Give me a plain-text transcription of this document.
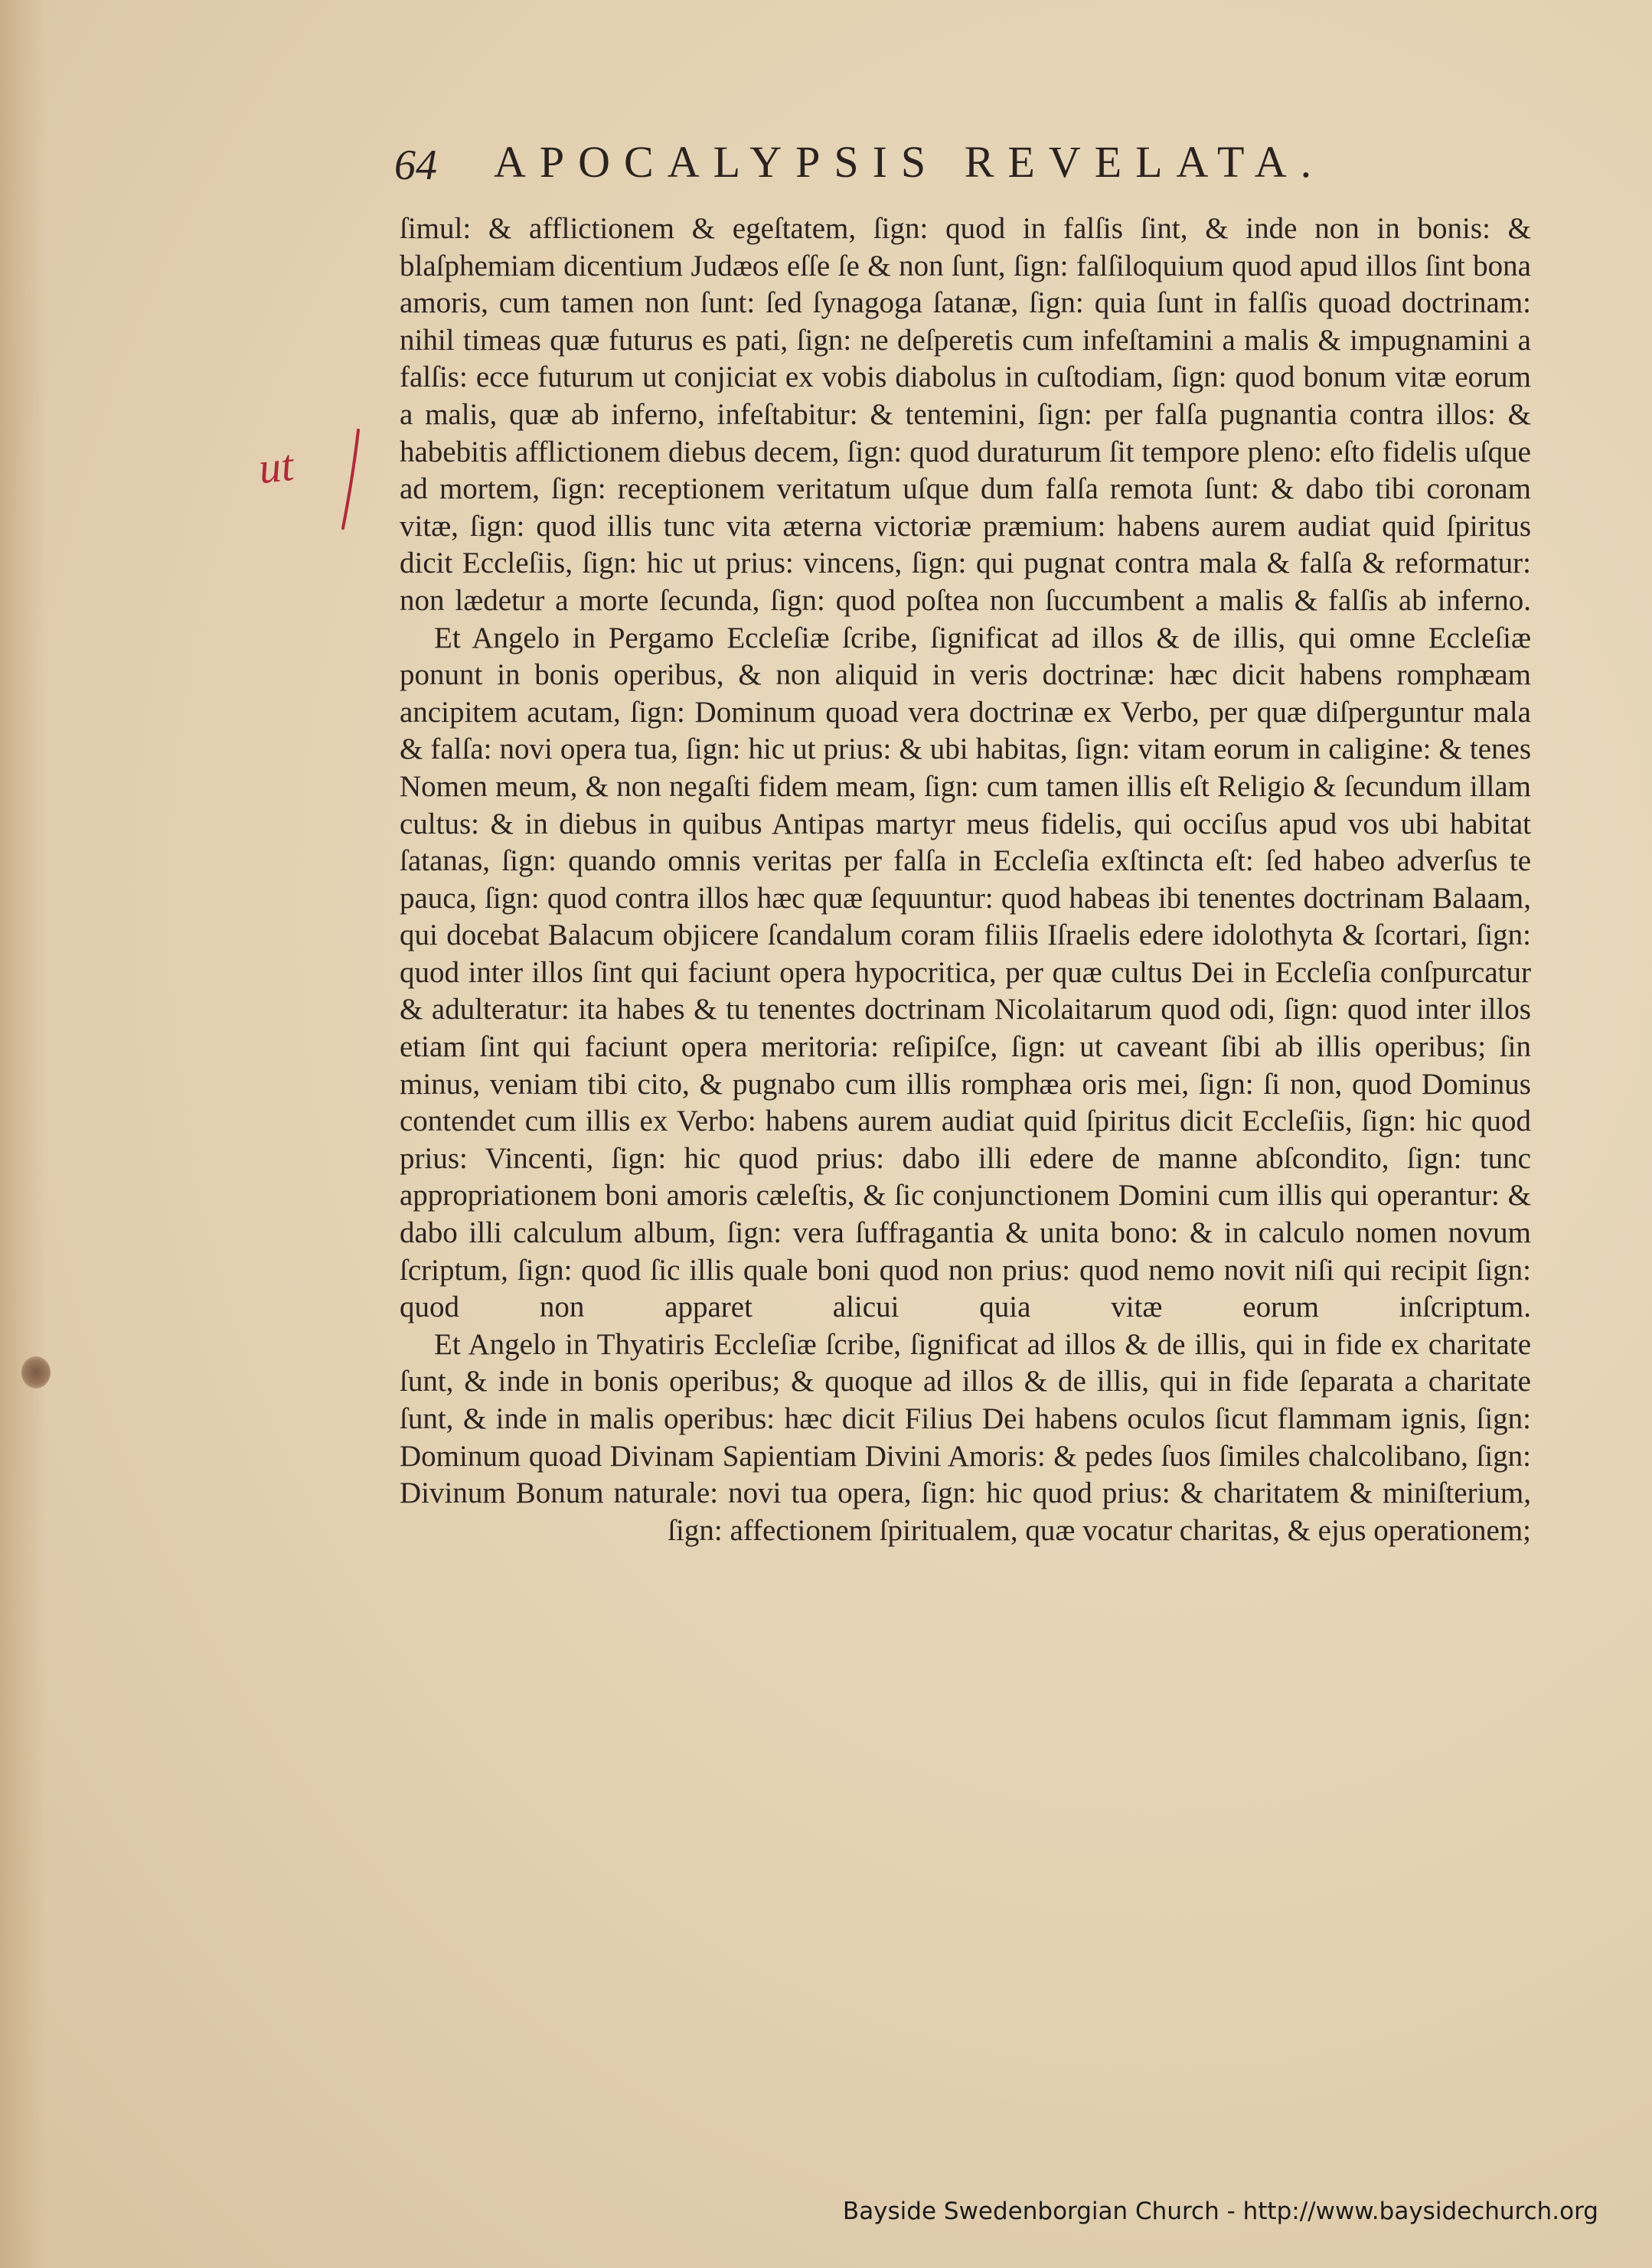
64 APOCALYPSIS REVELATA.
ut

ſimul: & afflictionem & egeſtatem, ſign: quod in falſis ſint, & inde non in bonis: & blaſphemiam dicentium Judæos eſſe ſe & non ſunt, ſign: falſiloquium quod apud illos ſint bona amoris, cum tamen non ſunt: ſed ſynagoga ſatanæ, ſign: quia ſunt in falſis quoad doctrinam: nihil timeas quæ futurus es pati, ſign: ne deſperetis cum infeſtamini a malis & impugnamini a falſis: ecce futurum ut conjiciat ex vobis diabolus in cuſtodiam, ſign: quod bonum vitæ eorum a malis, quæ ab inferno, infeſtabitur: & tentemini, ſign: per falſa pugnantia contra illos: & habebitis afflictionem diebus decem, ſign: quod duraturum ſit tempore pleno: eſto fidelis uſque ad mortem, ſign: receptionem veritatum uſque dum falſa remota ſunt: & dabo tibi coronam vitæ, ſign: quod illis tunc vita æterna victoriæ præmium: habens aurem audiat quid ſpiritus dicit Eccleſiis, ſign: hic ut prius: vincens, ſign: qui pugnat contra mala & falſa & reformatur: non lædetur a morte ſecunda, ſign: quod poſtea non ſuccumbent a malis & falſis ab inferno.

Et Angelo in Pergamo Eccleſiæ ſcribe, ſignificat ad illos & de illis, qui omne Eccleſiæ ponunt in bonis operibus, & non aliquid in veris doctrinæ: hæc dicit habens romphæam ancipitem acutam, ſign: Dominum quoad vera doctrinæ ex Verbo, per quæ diſperguntur mala & falſa: novi opera tua, ſign: hic ut prius: & ubi habitas, ſign: vitam eorum in caligine: & tenes Nomen meum, & non negaſti fidem meam, ſign: cum tamen illis eſt Religio & ſecundum illam cultus: & in diebus in quibus Antipas martyr meus fidelis, qui occiſus apud vos ubi habitat ſatanas, ſign: quando omnis veritas per falſa in Eccleſia exſtincta eſt: ſed habeo adverſus te pauca, ſign: quod contra illos hæc quæ ſequuntur: quod habeas ibi tenentes doctrinam Balaam, qui docebat Balacum objicere ſcandalum coram filiis Iſraelis edere idolothyta & ſcortari, ſign: quod inter illos ſint qui faciunt opera hypocritica, per quæ cultus Dei in Eccleſia conſpurcatur & adulteratur: ita habes & tu tenentes doctrinam Nicolaitarum quod odi, ſign: quod inter illos etiam ſint qui faciunt opera meritoria: reſipiſce, ſign: ut caveant ſibi ab illis operibus; ſin minus, veniam tibi cito, & pugnabo cum illis romphæa oris mei, ſign: ſi non, quod Dominus contendet cum illis ex Verbo: habens aurem audiat quid ſpiritus dicit Eccleſiis, ſign: hic quod prius: Vincenti, ſign: hic quod prius: dabo illi edere de manne abſcondito, ſign: tunc appropriationem boni amoris cæleſtis, & ſic conjunctionem Domini cum illis qui operantur: & dabo illi calculum album, ſign: vera ſuffragantia & unita bono: & in calculo nomen novum ſcriptum, ſign: quod ſic illis quale boni quod non prius: quod nemo novit niſi qui recipit ſign: quod non apparet alicui quia vitæ eorum inſcriptum.

Et Angelo in Thyatiris Eccleſiæ ſcribe, ſignificat ad illos & de illis, qui in fide ex charitate ſunt, & inde in bonis operibus; & quoque ad illos & de illis, qui in fide ſeparata a charitate ſunt, & inde in malis operibus: hæc dicit Filius Dei habens oculos ſicut flammam ignis, ſign: Dominum quoad Divinam Sapientiam Divini Amoris: & pedes ſuos ſimiles chalcolibano, ſign: Divinum Bonum naturale: novi tua opera, ſign: hic quod prius: & charitatem & miniſterium, ſign: affectionem ſpiritualem, quæ vocatur charitas, & ejus operationem;

Bayside Swedenborgian Church - http://www.baysidechurch.org
